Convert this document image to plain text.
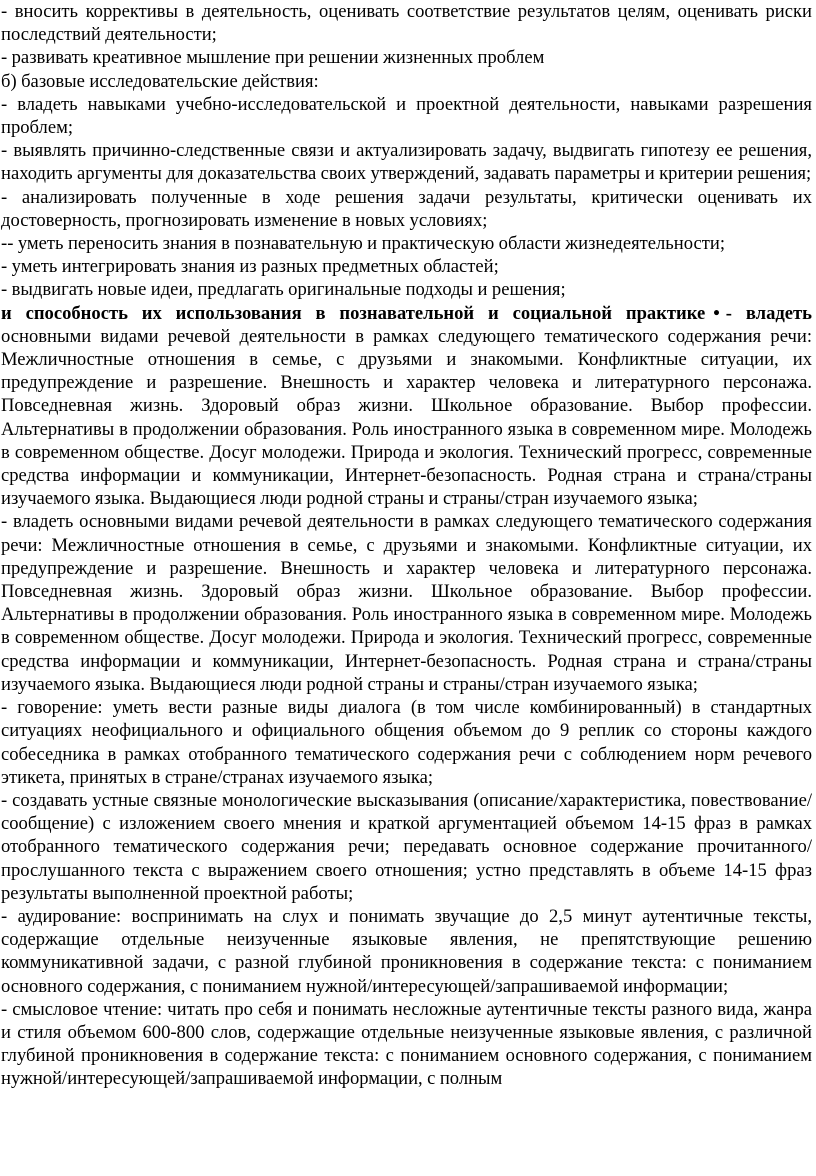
- вносить коррективы в деятельность, оценивать соответствие результатов целям, оценивать риски последствий деятельности;

- развивать креативное мышление при решении жизненных проблем

б) базовые исследовательские действия:

- владеть навыками учебно-исследовательской и проектной деятельности, навыками разрешения проблем;

- выявлять причинно-следственные связи и актуализировать задачу, выдвигать гипотезу ее решения, находить аргументы для доказательства своих утверждений, задавать параметры и критерии решения;

- анализировать полученные в ходе решения задачи результаты, критически оценивать их достоверность, прогнозировать изменение в новых условиях;

-- уметь переносить знания в познавательную и практическую области жизнедеятельности;

- уметь интегрировать знания из разных предметных областей;

- выдвигать новые идеи, предлагать оригинальные подходы и решения;

и способность их использования в познавательной и социальной практике • - владеть основными видами речевой деятельности в рамках следующего тематического содержания речи: Межличностные отношения в семье, с друзьями и знакомыми. Конфликтные ситуации, их предупреждение и разрешение. Внешность и характер человека и литературного персонажа. Повседневная жизнь. Здоровый образ жизни. Школьное образование. Выбор профессии. Альтернативы в продолжении образования. Роль иностранного языка в современном мире. Молодежь в современном обществе. Досуг молодежи. Природа и экология. Технический прогресс, современные средства информации и коммуникации, Интернет-безопасность. Родная страна и страна/страны изучаемого языка. Выдающиеся люди родной страны и страны/стран изучаемого языка;

- владеть основными видами речевой деятельности в рамках следующего тематического содержания речи: Межличностные отношения в семье, с друзьями и знакомыми. Конфликтные ситуации, их предупреждение и разрешение. Внешность и характер человека и литературного персонажа. Повседневная жизнь. Здоровый образ жизни. Школьное образование. Выбор профессии. Альтернативы в продолжении образования. Роль иностранного языка в современном мире. Молодежь в современном обществе. Досуг молодежи. Природа и экология. Технический прогресс, современные средства информации и коммуникации, Интернет-безопасность. Родная страна и страна/страны изучаемого языка. Выдающиеся люди родной страны и страны/стран изучаемого языка;

- говорение: уметь вести разные виды диалога (в том числе комбинированный) в стандартных ситуациях неофициального и официального общения объемом до 9 реплик со стороны каждого собеседника в рамках отобранного тематического содержания речи с соблюдением норм речевого этикета, принятых в стране/странах изучаемого языка;

- создавать устные связные монологические высказывания (описание/характеристика, повествование/сообщение) с изложением своего мнения и краткой аргументацией объемом 14-15 фраз в рамках отобранного тематического содержания речи; передавать основное содержание прочитанного/прослушанного текста с выражением своего отношения; устно представлять в объеме 14-15 фраз результаты выполненной проектной работы;

- аудирование: воспринимать на слух и понимать звучащие до 2,5 минут аутентичные тексты, содержащие отдельные неизученные языковые явления, не препятствующие решению коммуникативной задачи, с разной глубиной проникновения в содержание текста: с пониманием основного содержания, с пониманием нужной/интересующей/запрашиваемой информации;

- смысловое чтение: читать про себя и понимать несложные аутентичные тексты разного вида, жанра и стиля объемом 600-800 слов, содержащие отдельные неизученные языковые явления, с различной глубиной проникновения в содержание текста: с пониманием основного содержания, с пониманием нужной/интересующей/запрашиваемой информации, с полным
